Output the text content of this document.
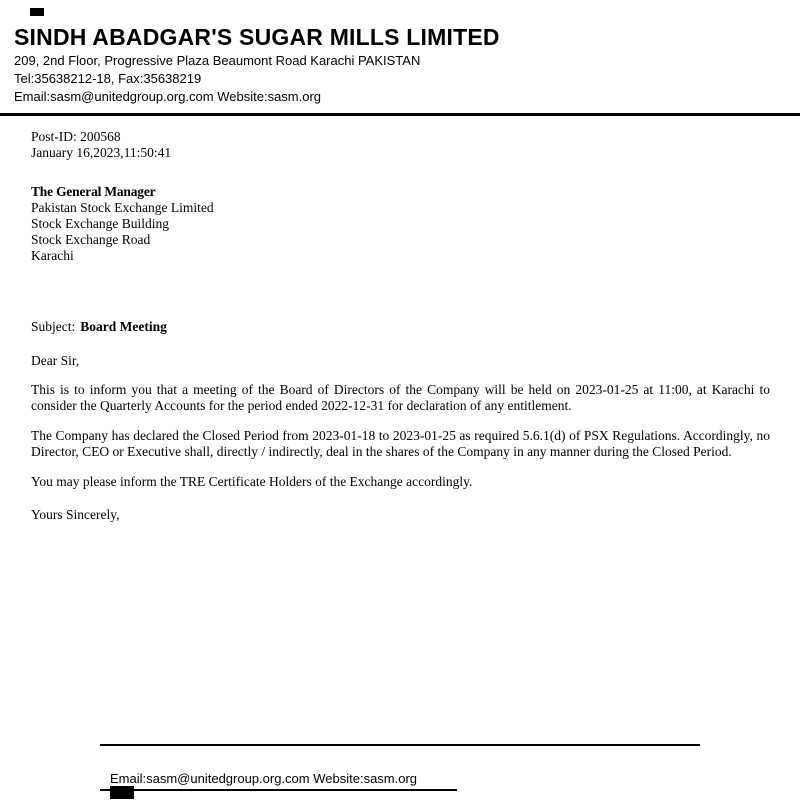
SINDH ABADGAR'S SUGAR MILLS LIMITED
209, 2nd Floor, Progressive Plaza Beaumont Road Karachi PAKISTAN
Tel:35638212-18, Fax:35638219
Email:sasm@unitedgroup.org.com Website:sasm.org
Post-ID: 200568
January 16,2023,11:50:41
The General Manager
Pakistan Stock Exchange Limited
Stock Exchange Building
Stock Exchange Road
Karachi
Subject: Board Meeting
Dear Sir,
This is to inform you that a meeting of the Board of Directors of the Company will be held on 2023-01-25 at 11:00, at Karachi to consider the Quarterly Accounts for the period ended 2022-12-31 for declaration of any entitlement.
The Company has declared the Closed Period from 2023-01-18 to 2023-01-25 as required 5.6.1(d) of PSX Regulations. Accordingly, no Director, CEO or Executive shall, directly / indirectly, deal in the shares of the Company in any manner during the Closed Period.
You may please inform the TRE Certificate Holders of the Exchange accordingly.
Yours Sincerely,
Email:sasm@unitedgroup.org.com Website:sasm.org
